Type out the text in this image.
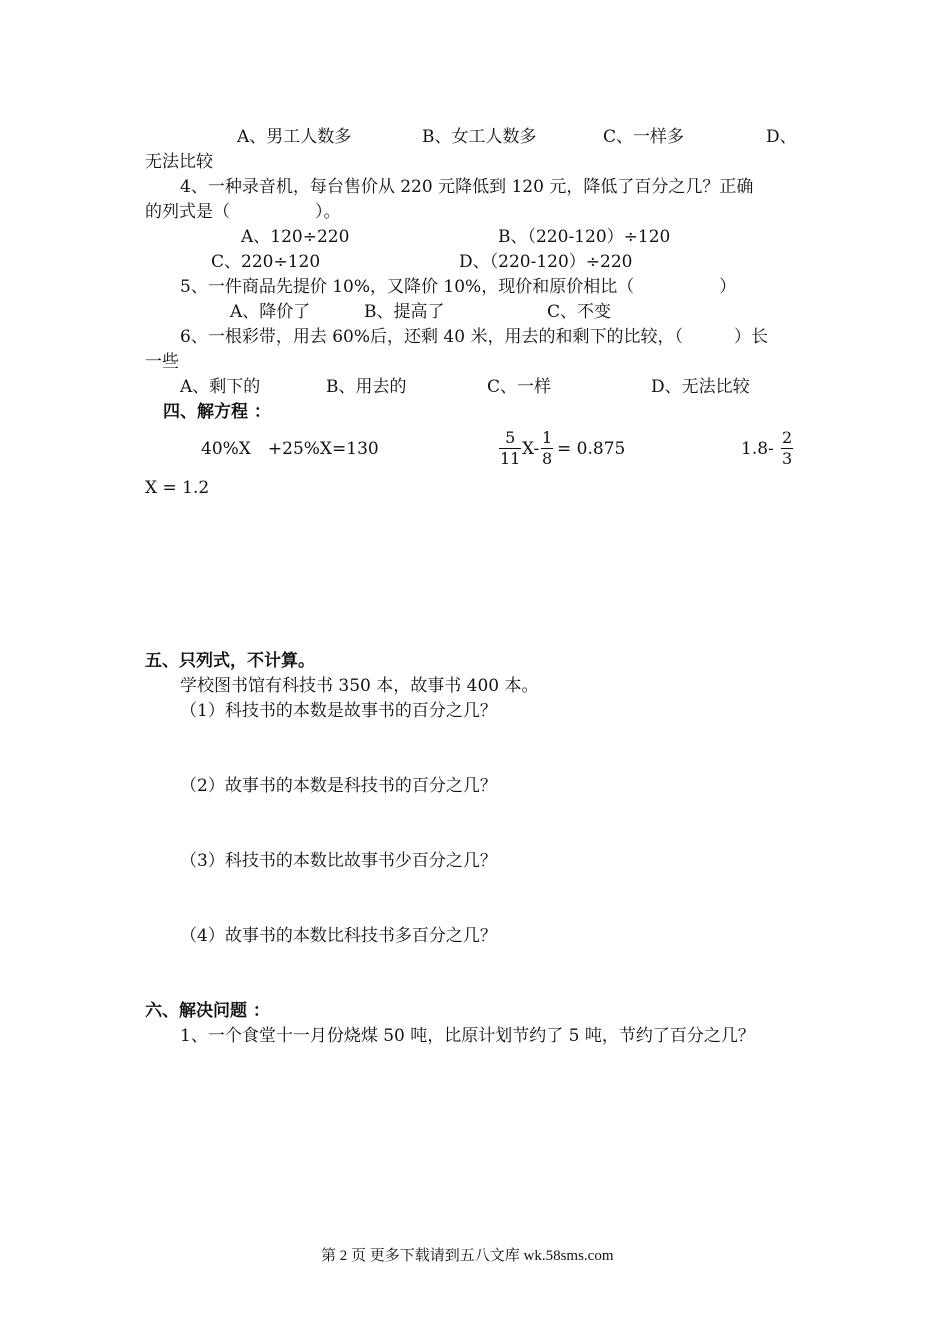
A、男工人数多	B、女工人数多	C、一样多	D、
无法比较
4、一种录音机，每台售价从 220 元降低到 120 元，降低了百分之几？正确
的列式是（　　　　　）。
A、120÷220	B、（220-120）÷120
C、220÷120	D、（220-120）÷220
5、一件商品先提价 10%，又降价 10%，现价和原价相比（　　　　　）
A、降价了	B、提高了	C、不变
6、一根彩带，用去 60%后，还剩 40 米，用去的和剩下的比较，（　　　）长
一些
A、剩下的	B、用去的	C、一样	D、无法比较
四、解方程 ：
40%X　+25%X=130	$\frac{5}{11} X- \frac{1}{8} = 0.875$	$1.8- \frac{2}{3}$
X = 1.2
五、只列式，不计算。
学校图书馆有科技书 350 本，故事书 400 本。
（1）科技书的本数是故事书的百分之几？
（2）故事书的本数是科技书的百分之几？
（3）科技书的本数比故事书少百分之几？
（4）故事书的本数比科技书多百分之几？
六、解决问题 ：
1、一个食堂十一月份烧煤 50 吨，比原计划节约了 5 吨，节约了百分之几？
第 2 页 更多下载请到五八文库 wk.58sms.com
